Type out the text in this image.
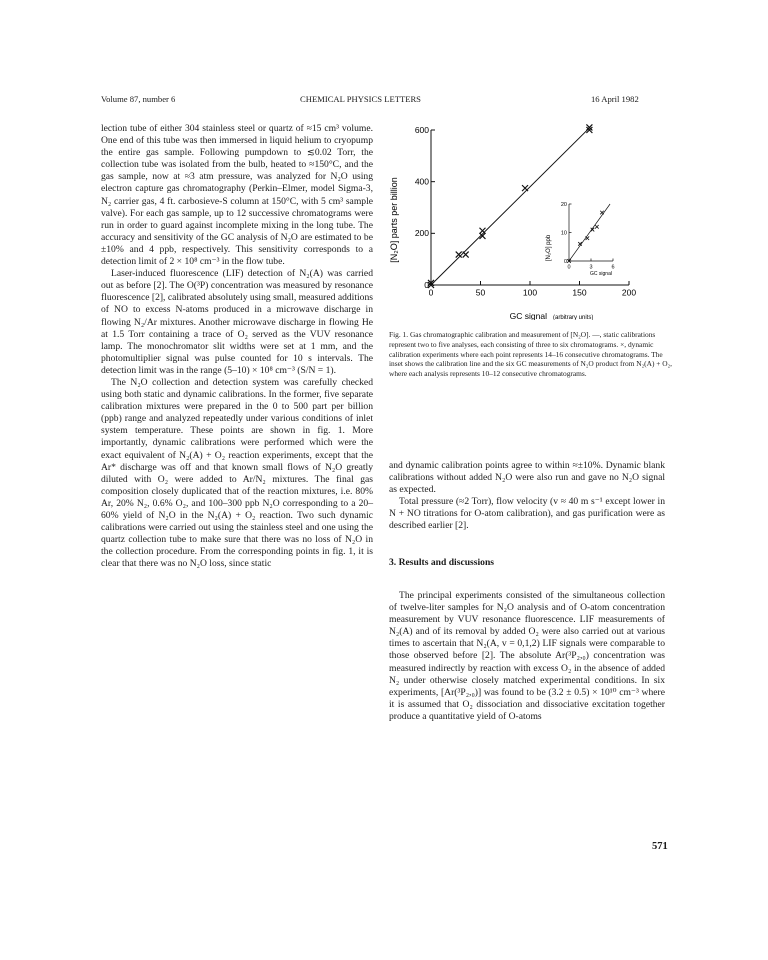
Volume 87, number 6	CHEMICAL PHYSICS LETTERS	16 April 1982

lection tube of either 304 stainless steel or quartz of ≈15 cm³ volume. One end of this tube was then immersed in liquid helium to cryopump the entire gas sample. Following pumpdown to ≲0.02 Torr, the collection tube was isolated from the bulb, heated to ≈150°C, and the gas sample, now at ≈3 atm pressure, was analyzed for N₂O using electron capture gas chromatography (Perkin–Elmer, model Sigma-3, N₂ carrier gas, 4 ft. carbosieve-S column at 150°C, with 5 cm³ sample valve). For each gas sample, up to 12 successive chromatograms were run in order to guard against incomplete mixing in the long tube. The accuracy and sensitivity of the GC analysis of N₂O are estimated to be ±10% and 4 ppb, respectively. This sensitivity corresponds to a detection limit of 2 × 10⁸ cm⁻³ in the flow tube.

Laser-induced fluorescence (LIF) detection of N₂(A) was carried out as before [2]. The O(³P) concentration was measured by resonance fluorescence [2], calibrated absolutely using small, measured additions of NO to excess N-atoms produced in a microwave discharge in flowing N₂/Ar mixtures. Another microwave discharge in flowing He at 1.5 Torr containing a trace of O₂ served as the VUV resonance lamp. The monochromator slit widths were set at 1 mm, and the photomultiplier signal was pulse counted for 10 s intervals. The detection limit was in the range (5–10) × 10⁸ cm⁻³ (S/N = 1).

The N₂O collection and detection system was carefully checked using both static and dynamic calibrations. In the former, five separate calibration mixtures were prepared in the 0 to 500 part per billion (ppb) range and analyzed repeatedly under various conditions of inlet system temperature. These points are shown in fig. 1. More importantly, dynamic calibrations were performed which were the exact equivalent of N₂(A) + O₂ reaction experiments, except that the Ar* discharge was off and that known small flows of N₂O greatly diluted with O₂ were added to Ar/N₂ mixtures. The final gas composition closely duplicated that of the reaction mixtures, i.e. 80% Ar, 20% N₂, 0.6% O₂, and 100–300 ppb N₂O corresponding to a 20–60% yield of N₂O in the N₂(A) + O₂ reaction. Two such dynamic calibrations were carried out using the stainless steel and one using the quartz collection tube to make sure that there was no loss of N₂O in the collection procedure. From the corresponding points in fig. 1, it is clear that there was no N₂O loss, since static

0	50	100	150	200
0
200
400
600
0	3	6
0
10
20
[N₂O] parts per billion
GC signal (arbitrary units)
[N₂O] ppb
GC signal
Fig. 1. Gas chromatographic calibration and measurement of [N₂O]. —, static calibrations represent two to five analyses, each consisting of three to six chromatograms. ×, dynamic calibration experiments where each point represents 14–16 consecutive chromatograms. The inset shows the calibration line and the six GC measurements of N₂O product from N₂(A) + O₂, where each analysis represents 10–12 consecutive chromatograms.

and dynamic calibration points agree to within ≈±10%. Dynamic blank calibrations without added N₂O were also run and gave no N₂O signal as expected.

Total pressure (≈2 Torr), flow velocity (v ≈ 40 m s⁻¹ except lower in N + NO titrations for O-atom calibration), and gas purification were as described earlier [2].

3. Results and discussions

The principal experiments consisted of the simultaneous collection of twelve-liter samples for N₂O analysis and of O-atom concentration measurement by VUV resonance fluorescence. LIF measurements of N₂(A) and of its removal by added O₂ were also carried out at various times to ascertain that N₂(A, v = 0,1,2) LIF signals were comparable to those observed before [2]. The absolute Ar(³P₂,₀) concentration was measured indirectly by reaction with excess O₂ in the absence of added N₂ under otherwise closely matched experimental conditions. In six experiments, [Ar(³P₂,₀)] was found to be (3.2 ± 0.5) × 10¹⁰ cm⁻³ where it is assumed that O₂ dissociation and dissociative excitation together produce a quantitative yield of O-atoms

571
